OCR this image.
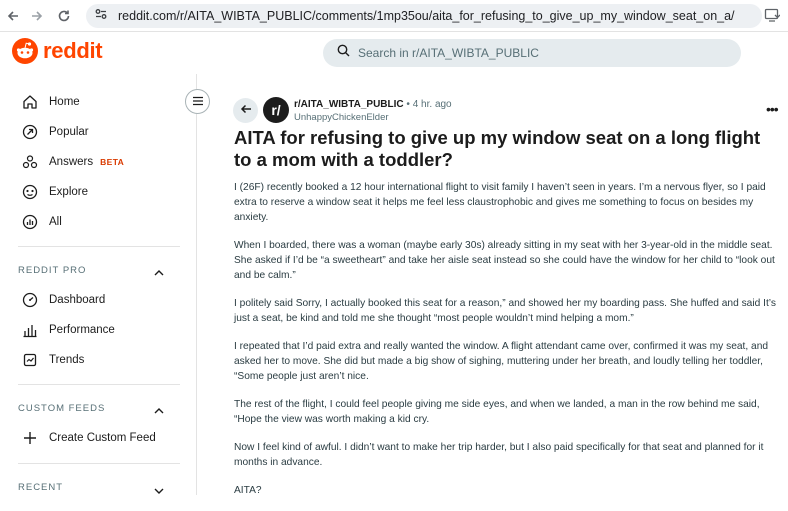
reddit.com/r/AITA_WIBTA_PUBLIC/comments/1mp35ou/aita_for_refusing_to_give_up_my_window_seat_on_a/
reddit	Search in r/AITA_WIBTA_PUBLIC
Home
Popular
Answers BETA
Explore
All
REDDIT PRO
Dashboard
Performance
Trends
CUSTOM FEEDS
Create Custom Feed
RECENT
r/	r/AITA_WIBTA_PUBLIC • 4 hr. ago
UnhappyChickenElder
•••
AITA for refusing to give up my window seat on a long flight to a mom with a toddler?

I (26F) recently booked a 12 hour international flight to visit family I haven’t seen in years. I’m a nervous flyer, so I paid extra to reserve a window seat it helps me feel less claustrophobic and gives me something to focus on besides my anxiety.

When I boarded, there was a woman (maybe early 30s) already sitting in my seat with her 3-year-old in the middle seat. She asked if I’d be “a sweetheart” and take her aisle seat instead so she could have the window for her child to “look out and be calm.”

I politely said Sorry, I actually booked this seat for a reason,” and showed her my boarding pass. She huffed and said It’s just a seat, be kind and told me she thought “most people wouldn’t mind helping a mom.”

I repeated that I’d paid extra and really wanted the window. A flight attendant came over, confirmed it was my seat, and asked her to move. She did but made a big show of sighing, muttering under her breath, and loudly telling her toddler, “Some people just aren’t nice.

The rest of the flight, I could feel people giving me side eyes, and when we landed, a man in the row behind me said, “Hope the view was worth making a kid cry.

Now I feel kind of awful. I didn’t want to make her trip harder, but I also paid specifically for that seat and planned for it months in advance.

AITA?
